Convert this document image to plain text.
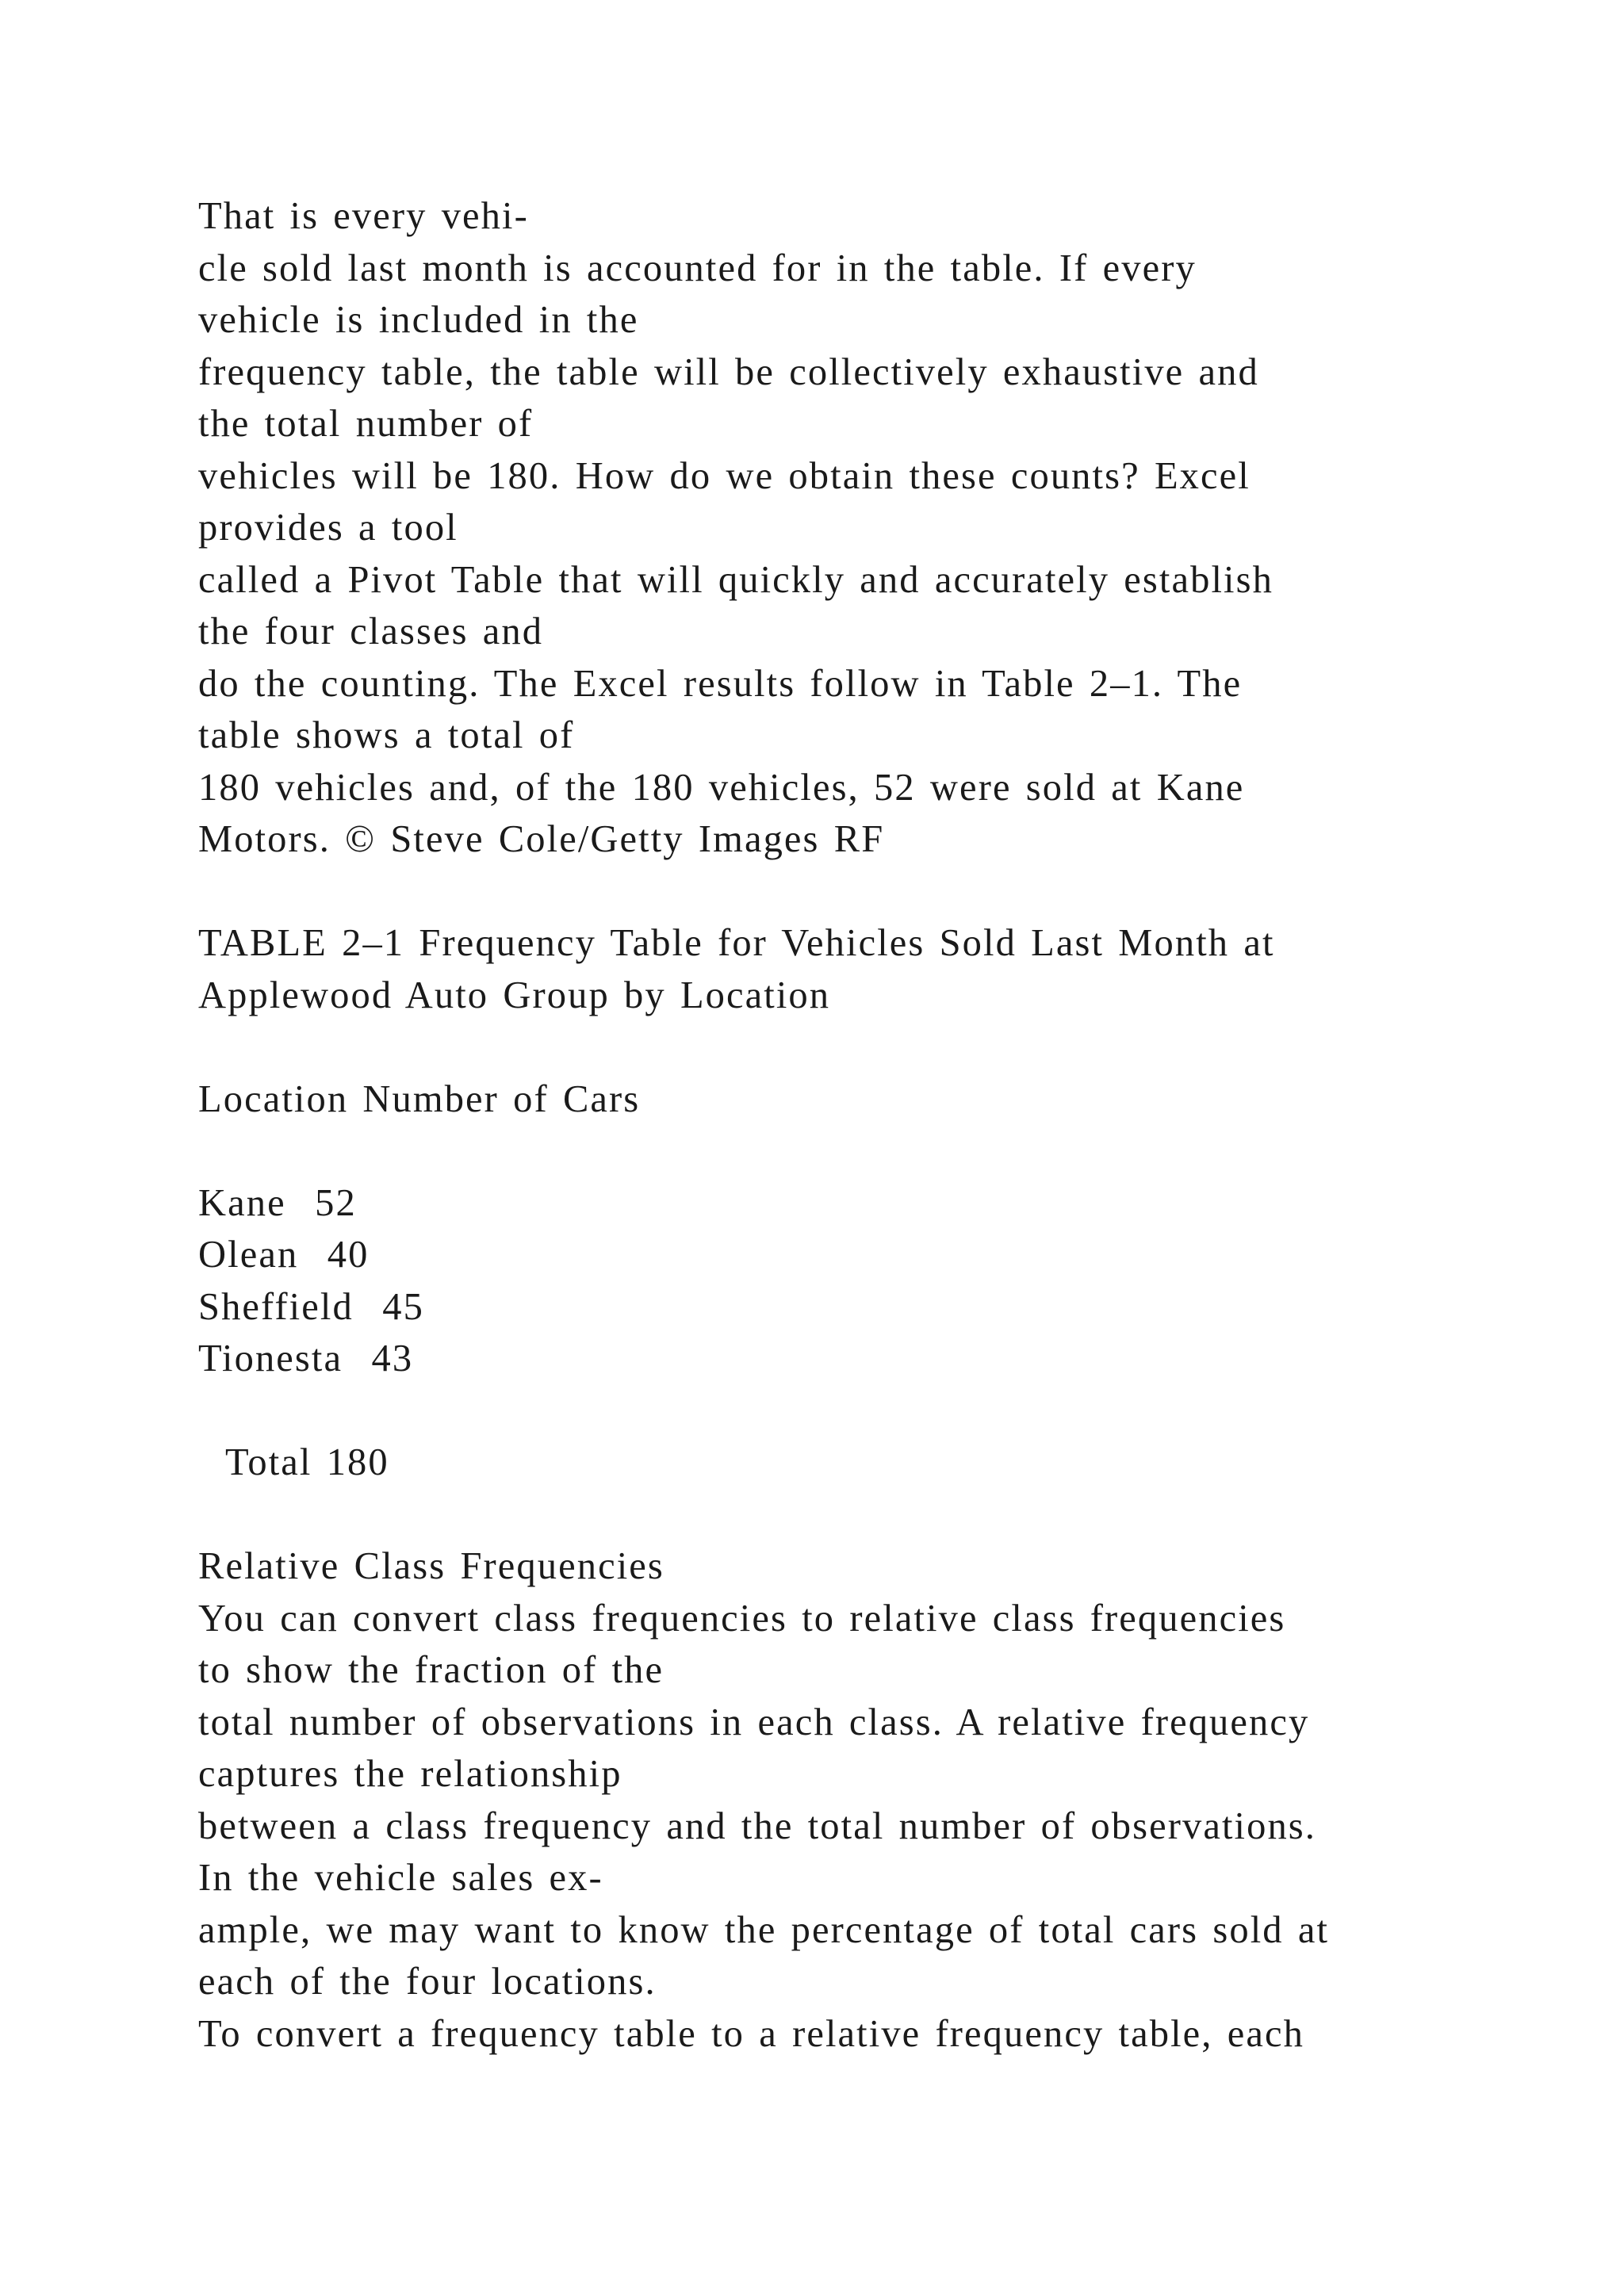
That is every vehi-
cle sold last month is accounted for in the table. If every
vehicle is included in the
frequency table, the table will be collectively exhaustive and
the total number of
vehicles will be 180. How do we obtain these counts? Excel
provides a tool
called a Pivot Table that will quickly and accurately establish
the four classes and
do the counting. The Excel results follow in Table 2–1. The
table shows a total of
180 vehicles and, of the 180 vehicles, 52 were sold at Kane
Motors. © Steve Cole/Getty Images RF
TABLE 2–1 Frequency Table for Vehicles Sold Last Month at
Applewood Auto Group by Location
Location Number of Cars
Kane  52
Olean  40
Sheffield  45
Tionesta  43
Total 180
Relative Class Frequencies
You can convert class frequencies to relative class frequencies
to show the fraction of the
total number of observations in each class. A relative frequency
captures the relationship
between a class frequency and the total number of observations.
In the vehicle sales ex-
ample, we may want to know the percentage of total cars sold at
each of the four locations.
To convert a frequency table to a relative frequency table, each
